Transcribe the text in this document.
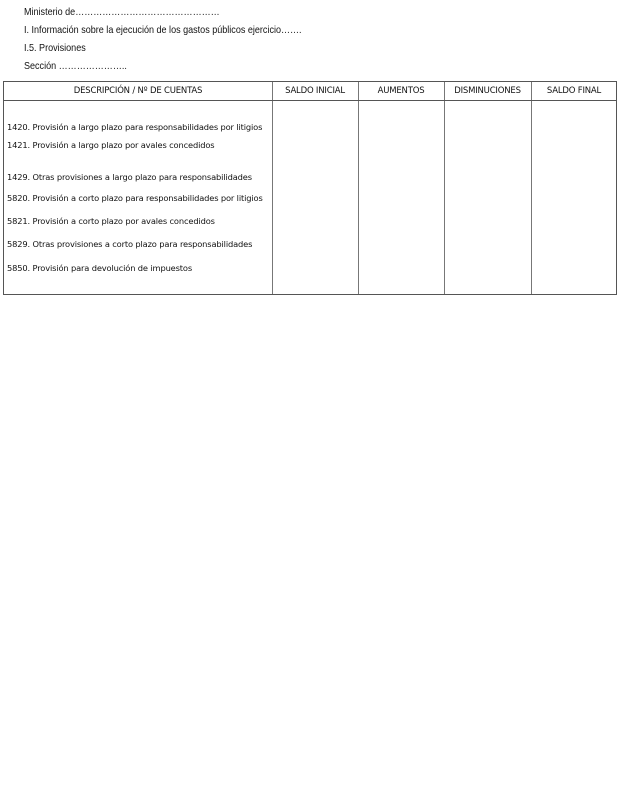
Ministerio de…………………………………………
I. Información sobre la ejecución de los gastos públicos ejercicio…….
I.5. Provisiones
Sección …………………..
DESCRIPCIÓN / Nº DE CUENTAS	SALDO INICIAL	AUMENTOS	DISMINUCIONES	SALDO FINAL
1420. Provisión a largo plazo para responsabilidades por litigios
1421. Provisión a largo plazo por avales concedidos
1429. Otras provisiones a largo plazo para responsabilidades
5820. Provisión a corto plazo para responsabilidades por litigios
5821. Provisión a corto plazo por avales concedidos
5829. Otras provisiones a corto plazo para responsabilidades
5850. Provisión para devolución de impuestos
